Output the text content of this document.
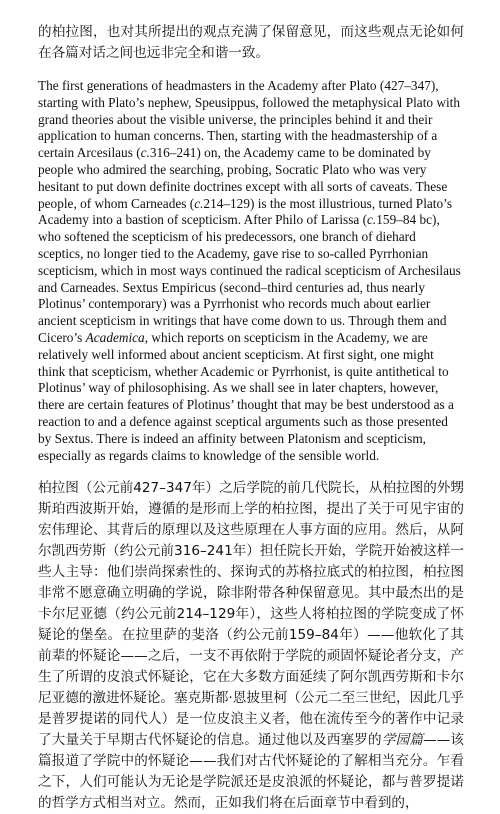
的柏拉图，也对其所提出的观点充满了保留意见，而这些观点无论如何在各篇对话之间也远非完全和谐一致。

The first generations of headmasters in the Academy after Plato (427–347), starting with Plato’s nephew, Speusippus, followed the metaphysical Plato with grand theories about the visible universe, the principles behind it and their application to human concerns. Then, starting with the headmastership of a certain Arcesilaus (c.316–241) on, the Academy came to be dominated by people who admired the searching, probing, Socratic Plato who was very hesitant to put down definite doctrines except with all sorts of caveats. These people, of whom Carneades (c.214–129) is the most illustrious, turned Plato’s Academy into a bastion of scepticism. After Philo of Larissa (c.159–84 bc), who softened the scepticism of his predecessors, one branch of diehard sceptics, no longer tied to the Academy, gave rise to so-called Pyrrhonian scepticism, which in most ways continued the radical scepticism of Archesilaus and Carneades. Sextus Empiricus (second–third centuries ad, thus nearly Plotinus’ contemporary) was a Pyrrhonist who records much about earlier ancient scepticism in writings that have come down to us. Through them and Cicero’s Academica, which reports on scepticism in the Academy, we are relatively well informed about ancient scepticism. At first sight, one might think that scepticism, whether Academic or Pyrrhonist, is quite antithetical to Plotinus’ way of philosophising. As we shall see in later chapters, however, there are certain features of Plotinus’ thought that may be best understood as a reaction to and a defence against sceptical arguments such as those presented by Sextus. There is indeed an affinity between Platonism and scepticism, especially as regards claims to knowledge of the sensible world.

柏拉图（公元前427–347年）之后学院的前几代院长，从柏拉图的外甥斯珀西波斯开始，遵循的是形而上学的柏拉图，提出了关于可见宇宙的宏伟理论、其背后的原理以及这些原理在人事方面的应用。然后，从阿尔凯西劳斯（约公元前316–241年）担任院长开始，学院开始被这样一些人主导：他们崇尚探索性的、探询式的苏格拉底式的柏拉图，柏拉图非常不愿意确立明确的学说，除非附带各种保留意见。其中最杰出的是卡尔尼亚德（约公元前214–129年），这些人将柏拉图的学院变成了怀疑论的堡垒。在拉里萨的斐洛（约公元前159–84年）——他软化了其前辈的怀疑论——之后，一支不再依附于学院的顽固怀疑论者分支，产生了所谓的皮浪式怀疑论，它在大多数方面延续了阿尔凯西劳斯和卡尔尼亚德的激进怀疑论。塞克斯都·恩披里柯（公元二至三世纪，因此几乎是普罗提诺的同代人）是一位皮浪主义者，他在流传至今的著作中记录了大量关于早期古代怀疑论的信息。通过他以及西塞罗的学园篇——该篇报道了学院中的怀疑论——我们对古代怀疑论的了解相当充分。乍看之下，人们可能认为无论是学院派还是皮浪派的怀疑论，都与普罗提诺的哲学方式相当对立。然而，正如我们将在后面章节中看到的，
